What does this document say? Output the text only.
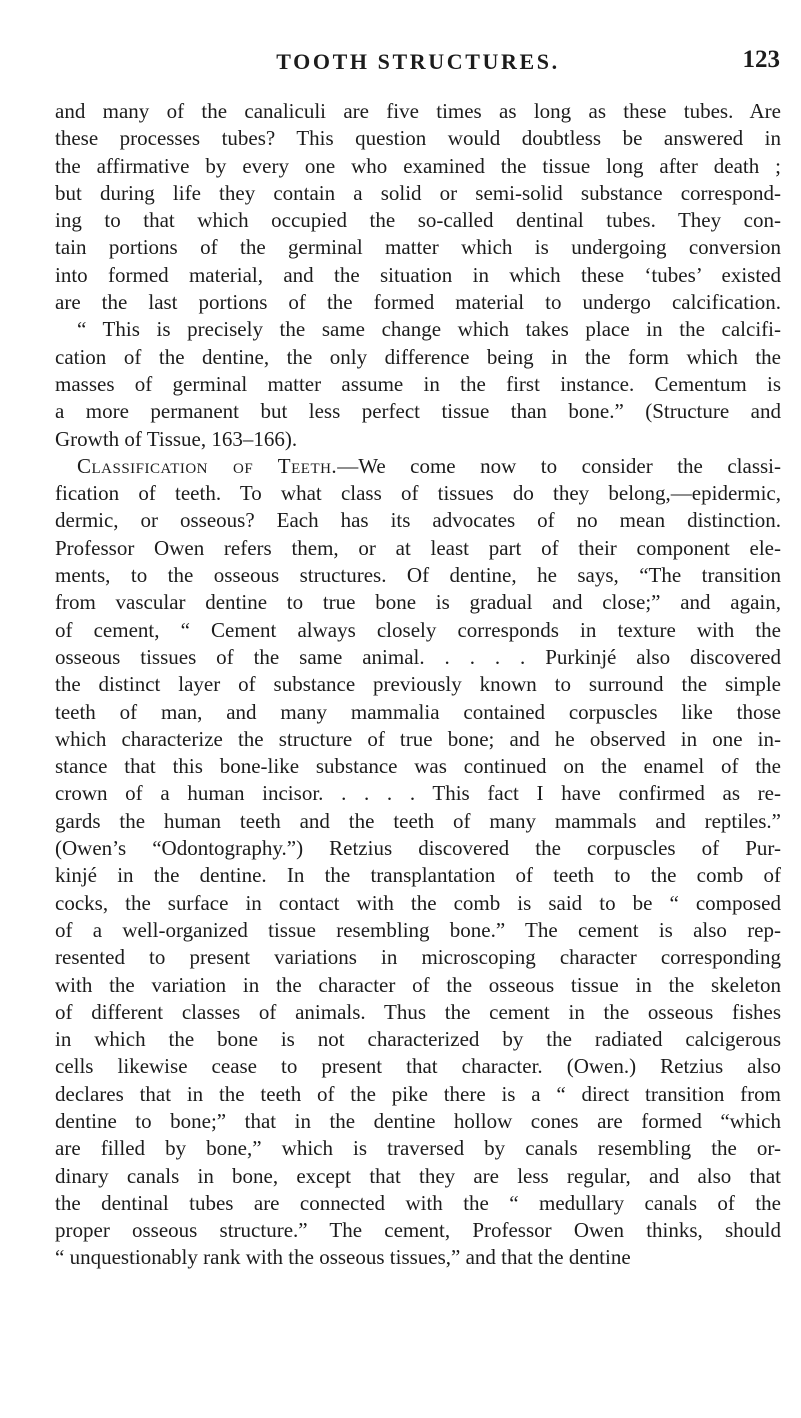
TOOTH STRUCTURES.	123
and many of the canaliculi are five times as long as these tubes. Are
these processes tubes? This question would doubtless be answered in
the affirmative by every one who examined the tissue long after death ;
but during life they contain a solid or semi-solid substance correspond-
ing to that which occupied the so-called dentinal tubes. They con-
tain portions of the germinal matter which is undergoing conversion
into formed material, and the situation in which these ‘tubes’ existed
are the last portions of the formed material to undergo calcification.
“ This is precisely the same change which takes place in the calcifi-
cation of the dentine, the only difference being in the form which the
masses of germinal matter assume in the first instance. Cementum is
a more permanent but less perfect tissue than bone.” (Structure and
Growth of Tissue, 163–166).
Classification of Teeth.—We come now to consider the classi-
fication of teeth. To what class of tissues do they belong,—epidermic,
dermic, or osseous? Each has its advocates of no mean distinction.
Professor Owen refers them, or at least part of their component ele-
ments, to the osseous structures. Of dentine, he says, “The transition
from vascular dentine to true bone is gradual and close;” and again,
of cement, “ Cement always closely corresponds in texture with the
osseous tissues of the same animal. . . . . Purkinjé also discovered
the distinct layer of substance previously known to surround the simple
teeth of man, and many mammalia contained corpuscles like those
which characterize the structure of true bone; and he observed in one in-
stance that this bone-like substance was continued on the enamel of the
crown of a human incisor. . . . . This fact I have confirmed as re-
gards the human teeth and the teeth of many mammals and reptiles.”
(Owen’s “Odontography.”) Retzius discovered the corpuscles of Pur-
kinjé in the dentine. In the transplantation of teeth to the comb of
cocks, the surface in contact with the comb is said to be “ composed
of a well-organized tissue resembling bone.” The cement is also rep-
resented to present variations in microscoping character corresponding
with the variation in the character of the osseous tissue in the skeleton
of different classes of animals. Thus the cement in the osseous fishes
in which the bone is not characterized by the radiated calcigerous
cells likewise cease to present that character. (Owen.) Retzius also
declares that in the teeth of the pike there is a “ direct transition from
dentine to bone;” that in the dentine hollow cones are formed “which
are filled by bone,” which is traversed by canals resembling the or-
dinary canals in bone, except that they are less regular, and also that
the dentinal tubes are connected with the “ medullary canals of the
proper osseous structure.” The cement, Professor Owen thinks, should
“ unquestionably rank with the osseous tissues,” and that the dentine
